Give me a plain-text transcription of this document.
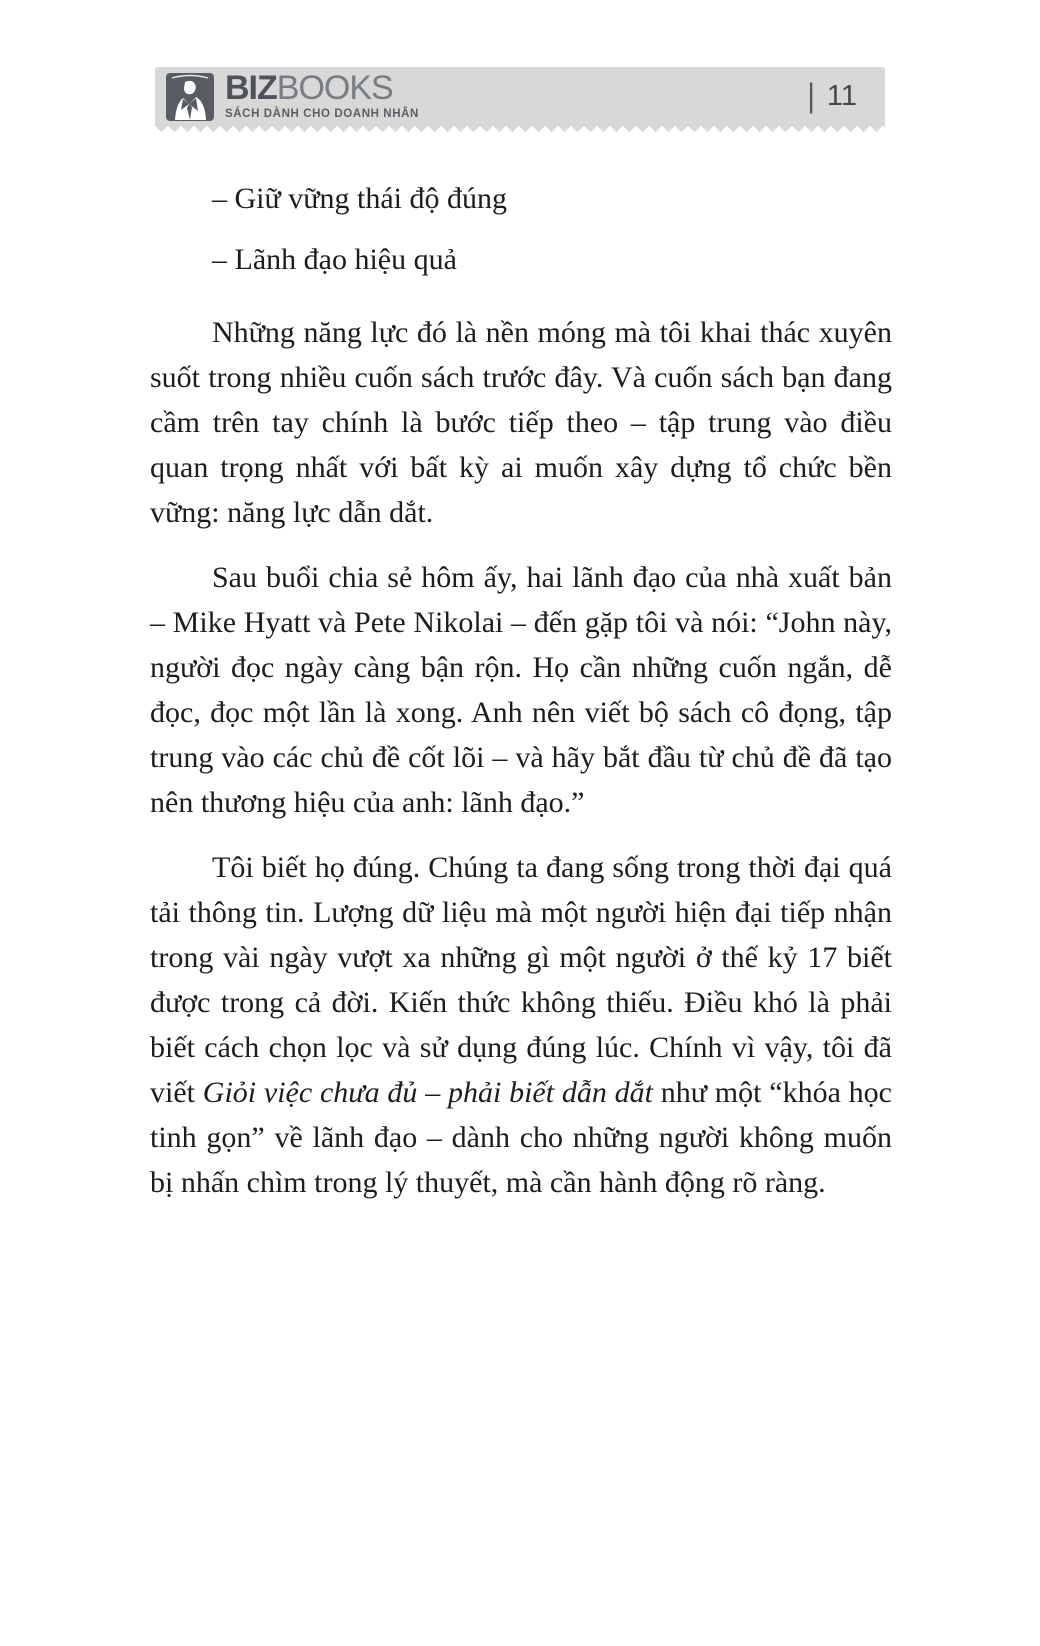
BIZBOOKS
SÁCH DÀNH CHO DOANH NHÂN
| 11
– Giữ vững thái độ đúng
– Lãnh đạo hiệu quả

Những năng lực đó là nền móng mà tôi khai thác xuyên suốt trong nhiều cuốn sách trước đây. Và cuốn sách bạn đang cầm trên tay chính là bước tiếp theo – tập trung vào điều quan trọng nhất với bất kỳ ai muốn xây dựng tổ chức bền vững: năng lực dẫn dắt.

Sau buổi chia sẻ hôm ấy, hai lãnh đạo của nhà xuất bản – Mike Hyatt và Pete Nikolai – đến gặp tôi và nói: “John này, người đọc ngày càng bận rộn. Họ cần những cuốn ngắn, dễ đọc, đọc một lần là xong. Anh nên viết bộ sách cô đọng, tập trung vào các chủ đề cốt lõi – và hãy bắt đầu từ chủ đề đã tạo nên thương hiệu của anh: lãnh đạo.”

Tôi biết họ đúng. Chúng ta đang sống trong thời đại quá tải thông tin. Lượng dữ liệu mà một người hiện đại tiếp nhận trong vài ngày vượt xa những gì một người ở thế kỷ 17 biết được trong cả đời. Kiến thức không thiếu. Điều khó là phải biết cách chọn lọc và sử dụng đúng lúc. Chính vì vậy, tôi đã viết Giỏi việc chưa đủ – phải biết dẫn dắt như một “khóa học tinh gọn” về lãnh đạo – dành cho những người không muốn bị nhấn chìm trong lý thuyết, mà cần hành động rõ ràng.
